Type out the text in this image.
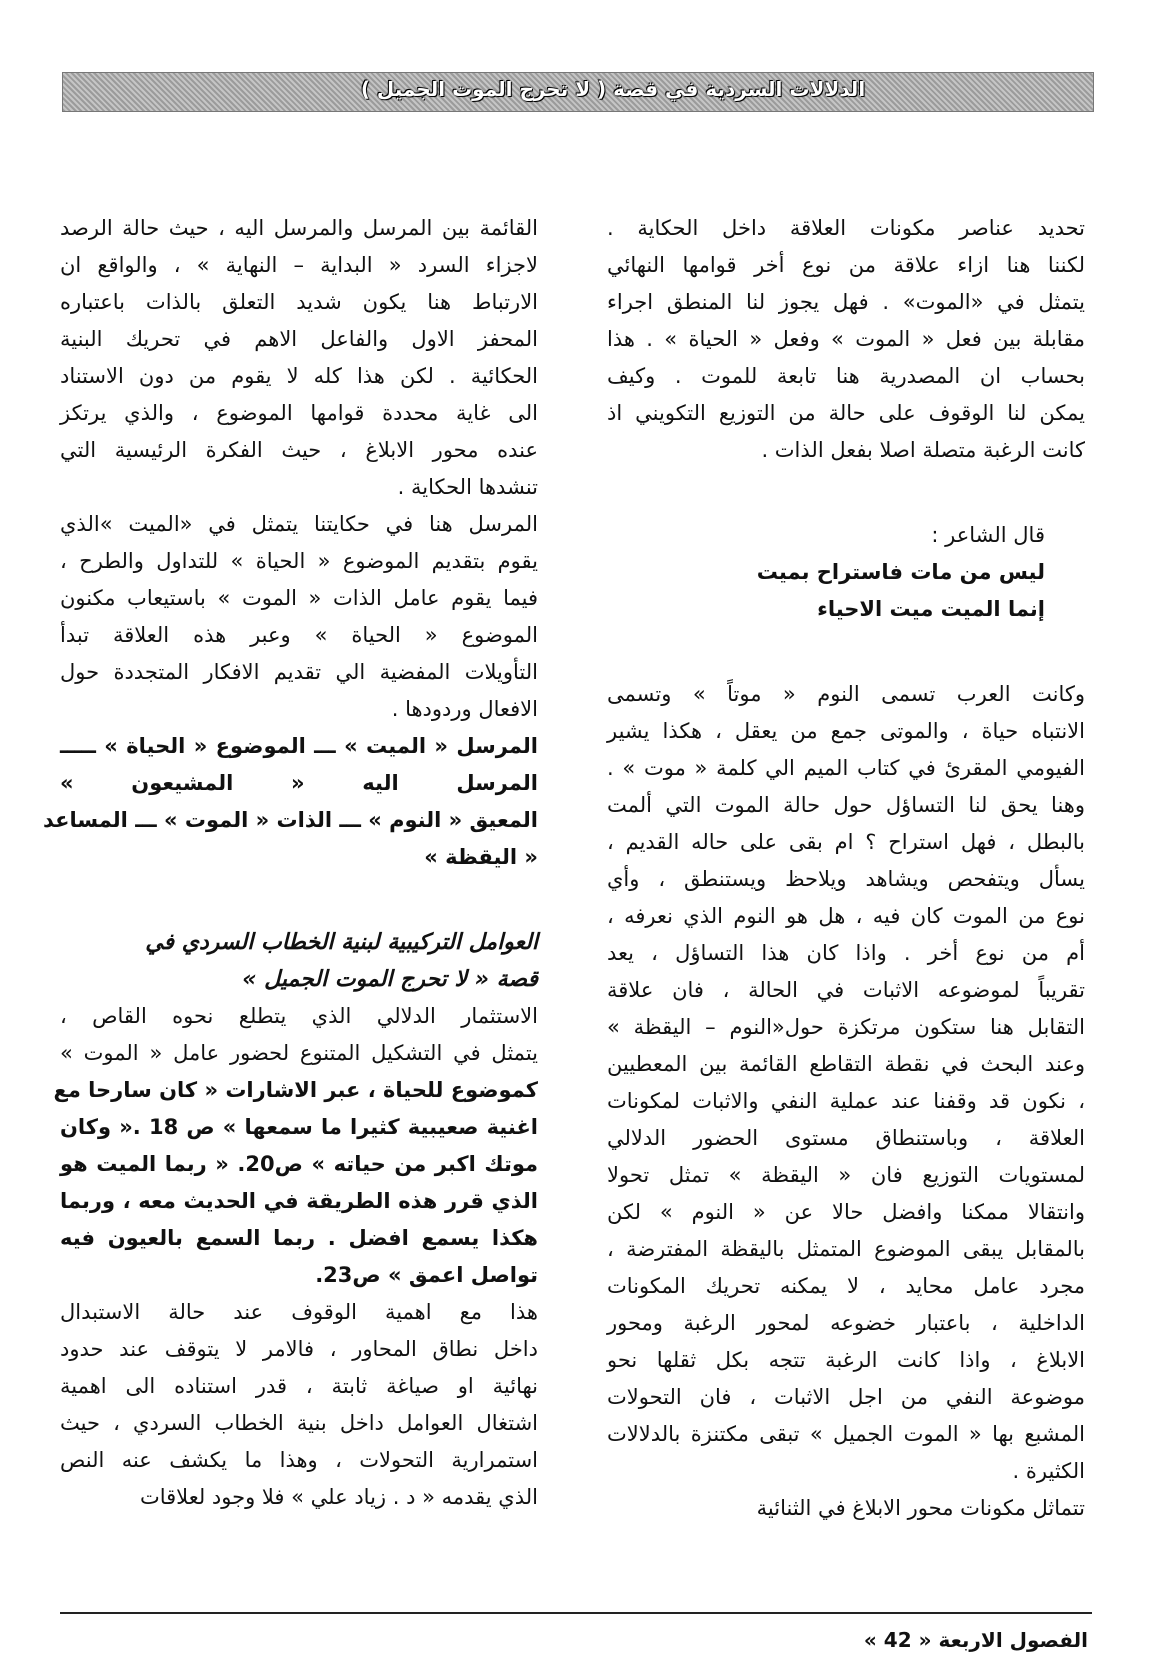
الدلالات السردية في قصة ( لا تحرج الموت الجميل )

تحديد عناصر مكونات العلاقة داخل الحكاية .
لكننا هنا ازاء علاقة من نوع أخر قوامها النهائي
يتمثل في «الموت» . فهل يجوز لنا المنطق اجراء
مقابلة بين فعل « الموت » وفعل « الحياة » . هذا
بحساب ان المصدرية هنا تابعة للموت . وكيف
يمكن لنا الوقوف على حالة من التوزيع التكويني اذ
كانت الرغبة متصلة اصلا بفعل الذات .

قال الشاعر :

ليس من مات فاستراح بميت
إنما الميت ميت الاحياء

وكانت العرب تسمى النوم « موتاً » وتسمى
الانتباه حياة ، والموتى جمع من يعقل ، هكذا يشير
الفيومي المقرئ في كتاب الميم الي كلمة « موت » .
وهنا يحق لنا التساؤل حول حالة الموت التي ألمت
بالبطل ، فهل استراح ؟ ام بقى على حاله القديم ،
يسأل ويتفحص ويشاهد ويلاحظ ويستنطق ، وأي
نوع من الموت كان فيه ، هل هو النوم الذي نعرفه ،
أم من نوع أخر . واذا كان هذا التساؤل ، يعد
تقريباً لموضوعه الاثبات في الحالة ، فان علاقة
التقابل هنا ستكون مرتكزة حول«النوم – اليقظة »
وعند البحث في نقطة التقاطع القائمة بين المعطيين
، نكون قد وقفنا عند عملية النفي والاثبات لمكونات
العلاقة ، وباستنطاق مستوى الحضور الدلالي
لمستويات التوزيع فان « اليقظة » تمثل تحولا
وانتقالا ممكنا وافضل حالا عن « النوم » لكن
بالمقابل يبقى الموضوع المتمثل باليقظة المفترضة ،
مجرد عامل محايد ، لا يمكنه تحريك المكونات
الداخلية ، باعتبار خضوعه لمحور الرغبة ومحور
الابلاغ ، واذا كانت الرغبة تتجه بكل ثقلها نحو
موضوعة النفي من اجل الاثبات ، فان التحولات
المشبع بها « الموت الجميل » تبقى مكتنزة بالدلالات
الكثيرة .

تتماثل مكونات محور الابلاغ في الثنائية

القائمة بين المرسل والمرسل اليه ، حيث حالة الرصد
لاجزاء السرد « البداية – النهاية » ، والواقع ان
الارتباط هنا يكون شديد التعلق بالذات باعتباره
المحفز الاول والفاعل الاهم في تحريك البنية
الحكائية . لكن هذا كله لا يقوم من دون الاستناد
الى غاية محددة قوامها الموضوع ، والذي يرتكز
عنده محور الابلاغ ، حيث الفكرة الرئيسية التي
تنشدها الحكاية .

المرسل هنا في حكايتنا يتمثل في «الميت »الذي
يقوم بتقديم الموضوع « الحياة » للتداول والطرح ،
فيما يقوم عامل الذات « الموت » باستيعاب مكنون
الموضوع « الحياة » وعبر هذه العلاقة تبدأ
التأويلات المفضية الي تقديم الافكار المتجددة حول
الافعال وردودها .

المرسل « الميت » ـــ الموضوع « الحياة » ـــــ
المرسل اليه « المشيعون »
المعيق « النوم » ـــ الذات « الموت » ـــ المساعد
« اليقظة »

العوامل التركيبية لبنية الخطاب السردي في
قصة « لا تحرج الموت الجميل »

الاستثمار الدلالي الذي يتطلع نحوه القاص ،
يتمثل في التشكيل المتنوع لحضور عامل « الموت »
كموضوع للحياة ، عبر الاشارات « كان سارحا مع
اغنية صعيبية كثيرا ما سمعها » ص 18 .« وكان
موتك اكبر من حياته » ص20. « ربما الميت هو
الذي قرر هذه الطريقة في الحديث معه ، وربما
هكذا يسمع افضل . ربما السمع بالعيون فيه
تواصل اعمق » ص23.

هذا مع اهمية الوقوف عند حالة الاستبدال
داخل نطاق المحاور ، فالامر لا يتوقف عند حدود
نهائية او صياغة ثابتة ، قدر استناده الى اهمية
اشتغال العوامل داخل بنية الخطاب السردي ، حيث
استمرارية التحولات ، وهذا ما يكشف عنه النص
الذي يقدمه « د . زياد علي » فلا وجود لعلاقات

الفصول الاربعة « 42 »
